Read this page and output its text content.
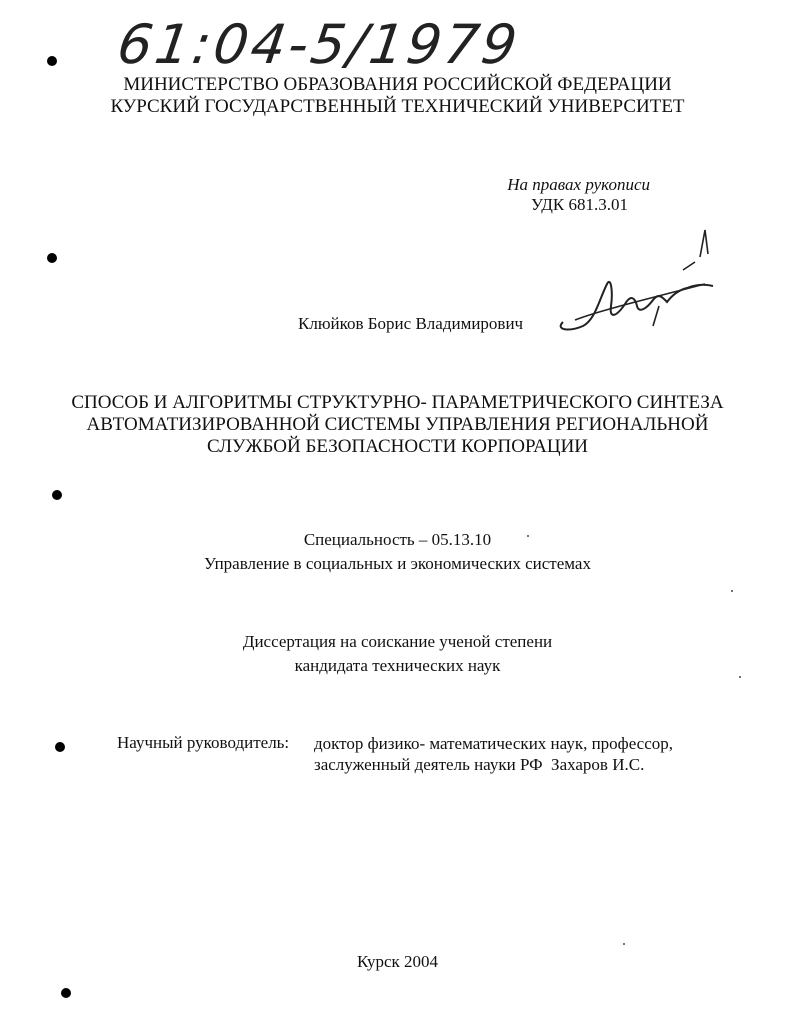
61:04-5/1979
МИНИСТЕРСТВО ОБРАЗОВАНИЯ РОССИЙСКОЙ ФЕДЕРАЦИИ
КУРСКИЙ ГОСУДАРСТВЕННЫЙ ТЕХНИЧЕСКИЙ УНИВЕРСИТЕТ
На правах рукописи
УДК 681.3.01
Клюйков Борис Владимирович
СПОСОБ И АЛГОРИТМЫ СТРУКТУРНО- ПАРАМЕТРИЧЕСКОГО СИНТЕЗА
АВТОМАТИЗИРОВАННОЙ СИСТЕМЫ УПРАВЛЕНИЯ РЕГИОНАЛЬНОЙ
СЛУЖБОЙ БЕЗОПАСНОСТИ КОРПОРАЦИИ
Специальность – 05.13.10
Управление в социальных и экономических системах
Диссертация на соискание ученой степени
кандидата технических наук
Научный руководитель: доктор физико- математических наук, профессор,
заслуженный деятель науки РФ  Захаров И.С.
Курск 2004
